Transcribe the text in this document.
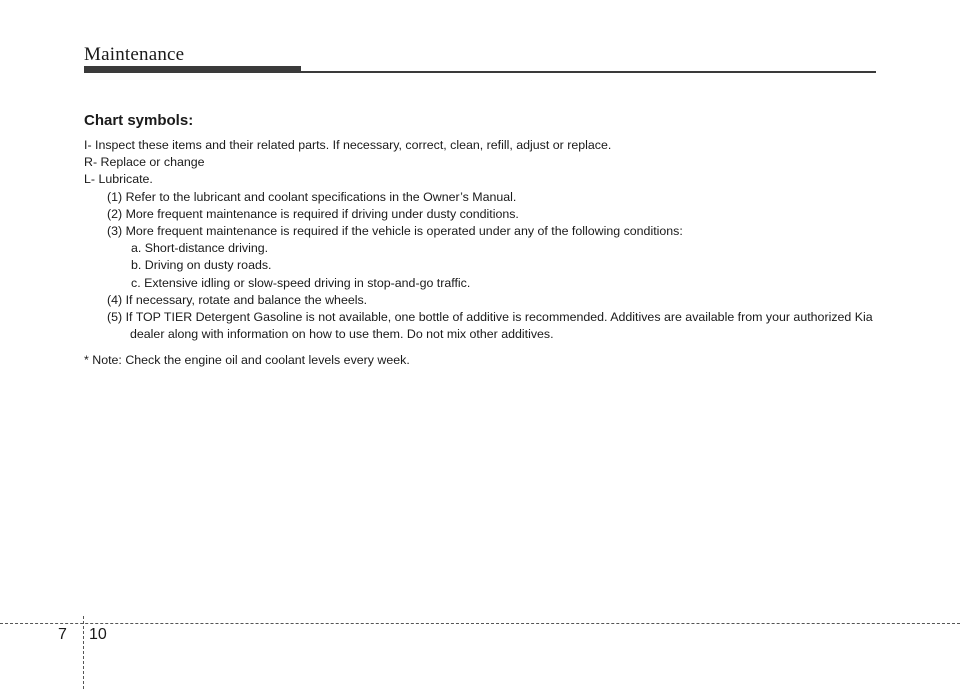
Maintenance
Chart symbols:

I- Inspect these items and their related parts. If necessary, correct, clean, refill, adjust or replace.

R- Replace or change

L- Lubricate.

(1) Refer to the lubricant and coolant specifications in the Owner’s Manual.

(2) More frequent maintenance is required if driving under dusty conditions.

(3) More frequent maintenance is required if the vehicle is operated under any of the following conditions:

a. Short-distance driving.

b. Driving on dusty roads.

c. Extensive idling or slow-speed driving in stop-and-go traffic.

(4) If necessary, rotate and balance the wheels.

(5) If TOP TIER Detergent Gasoline is not available, one bottle of additive is recommended. Additives are available from your authorized Kia dealer along with information on how to use them. Do not mix other additives.

* Note: Check the engine oil and coolant levels every week.

7 10
